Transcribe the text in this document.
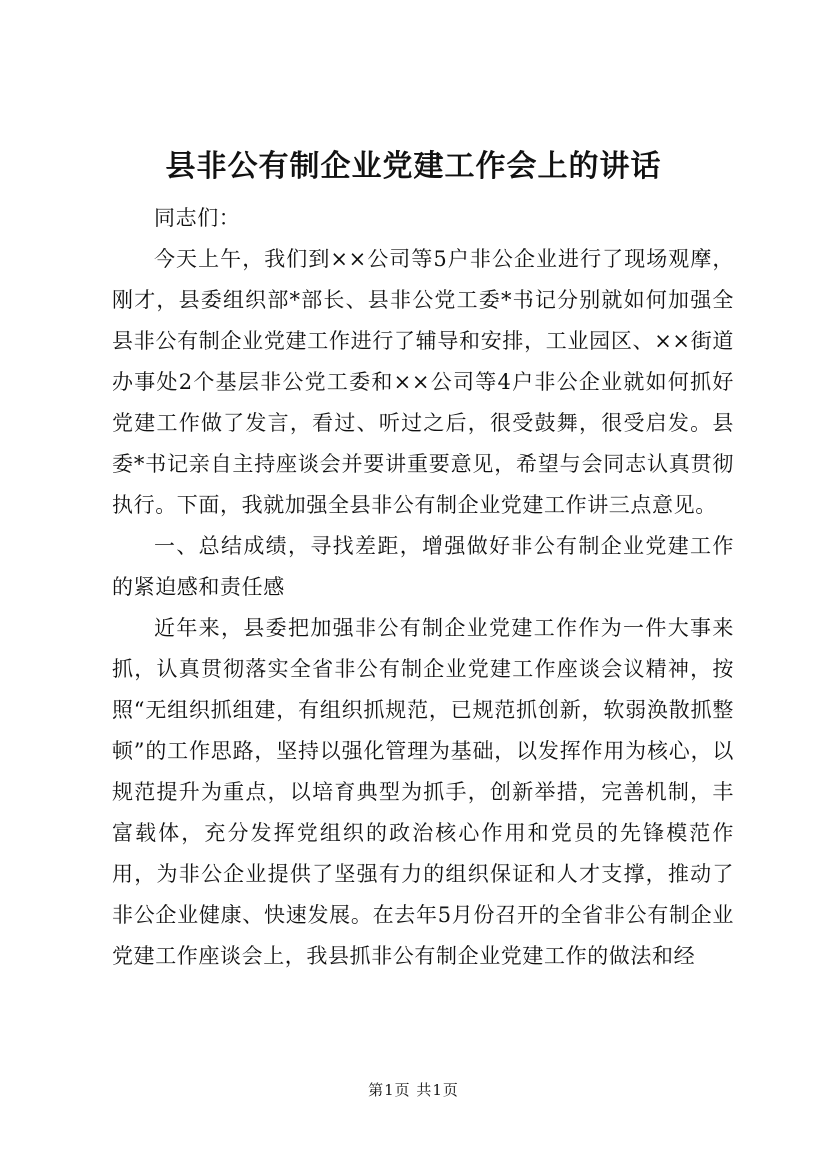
县非公有制企业党建工作会上的讲话

同志们：

今天上午，我们到××公司等5户非公企业进行了现场观摩，刚才，县委组织部*部长、县非公党工委*书记分别就如何加强全县非公有制企业党建工作进行了辅导和安排，工业园区、××街道办事处2个基层非公党工委和××公司等4户非公企业就如何抓好党建工作做了发言，看过、听过之后，很受鼓舞，很受启发。县委*书记亲自主持座谈会并要讲重要意见，希望与会同志认真贯彻执行。下面，我就加强全县非公有制企业党建工作讲三点意见。

一、总结成绩，寻找差距，增强做好非公有制企业党建工作的紧迫感和责任感

近年来，县委把加强非公有制企业党建工作作为一件大事来抓，认真贯彻落实全省非公有制企业党建工作座谈会议精神，按照“无组织抓组建，有组织抓规范，已规范抓创新，软弱涣散抓整顿”的工作思路，坚持以强化管理为基础，以发挥作用为核心，以规范提升为重点，以培育典型为抓手，创新举措，完善机制，丰富载体，充分发挥党组织的政治核心作用和党员的先锋模范作用，为非公企业提供了坚强有力的组织保证和人才支撑，推动了非公企业健康、快速发展。在去年5月份召开的全省非公有制企业党建工作座谈会上，我县抓非公有制企业党建工作的做法和经

第1页 共1页
